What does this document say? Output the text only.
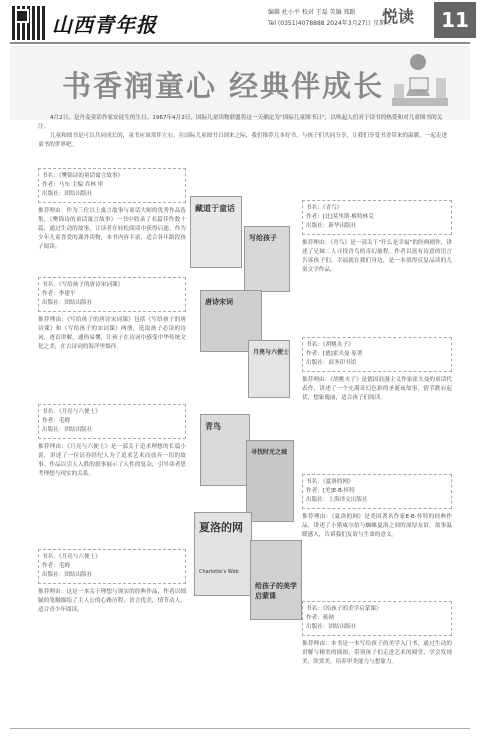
山西青年报
编辑 杜小平 校对 王磊 美编 郑路
Tel (0351)4078888 2024年3月27日 星期三
悦读	11
书香润童心 经典伴成长

4月2日，是丹麦童话作家安徒生的生日。1967年4月2日，国际儿童读物联盟将这一天确定为“国际儿童图书日”，以唤起人们对于读书的热爱和对儿童图书的关注。

儿童和图书是可以共同成长的，童书应该常伴左右。在国际儿童图书日到来之际，我们推荐几本好书，与孩子们共同分享，让我们享受书香带来的温暖，一起走进童书的世界吧。

书名：《樊锦诗的童话寓言故事》
作者：马东 主编 乔林 审
出版社：团结出版社
推荐理由：作为三位以上寓言故事与童话大师的优秀作品选集，《樊锦诗的童话寓言故事》一书中收录了名篇佳作数十篇，通过生动的故事，让读者在轻松阅读中获得启迪。作为少年儿童喜爱的课外读物，本书内容丰富，适合各年龄段孩子阅读。
书名：《写给孩子的唐诗宋词课》
作者：李建平
出版社：团结出版社
推荐理由：《写给孩子的唐诗宋词课》包括《写给孩子的唐诗课》和《写给孩子的宋词课》两册，选取孩子必读的诗词，逐首讲解，通俗易懂，让孩子在诗词中感受中华传统文化之美，在古诗词的海洋里徜徉。
书名：《月亮与六便士》
作者：毛姆
出版社：团结出版社
推荐理由：《月亮与六便士》是一部关于追求理想的长篇小说，讲述了一位证券经纪人为了追求艺术而放弃一切的故事。作品以引人入胜的叙事展示了人性的复杂，引导读者思考理想与现实的关系。
书名：《月亮与六便士》
作者：毛姆
出版社：团结出版社
推荐理由：这是一本关于理想与现实的经典作品，作者以细腻的笔触描绘了主人公的心路历程，语言优美，情节动人，适合青少年阅读。
藏道于童话
写给孩子
唐诗宋词
月亮与六便士
青鸟
寻找时光之城
夏洛的网
Charlotte's Web
给孩子的美学启蒙课
书名：《青鸟》
作者：[比]莫里斯·梅特林克
出版社：新华出版社
推荐理由：《青鸟》是一部关于“什么是幸福”的经典剧作，讲述了兄妹二人寻找青鸟的奇幻旅程。作者以富有诗意的语言告诉孩子们，幸福就在我们身边，是一本值得反复品读的儿童文学作品。
书名：《胡桃夹子》
作者：[德]霍夫曼 原著
出版社：商务印书馆
推荐理由：《胡桃夹子》是德国浪漫主义作家霍夫曼的童话代表作，讲述了一个充满奇幻色彩的圣诞夜故事，情节跌宕起伏，想象瑰丽，适合孩子们阅读。
书名：《夏洛的网》
作者：[美]E·B·怀特
出版社：上海译文出版社
推荐理由：《夏洛的网》是美国著名作家E·B·怀特的经典作品，讲述了小猪威尔伯与蜘蛛夏洛之间的深厚友谊。故事温暖感人，告诉我们友谊与生命的意义。
书名：《给孩子的美学启蒙课》
作者：蒋勋
出版社：团结出版社
推荐理由：本书是一本写给孩子的美学入门书，通过生动的讲解与精美的插图，带领孩子们走进艺术的殿堂，学会发现美、欣赏美，培养审美能力与想象力。
